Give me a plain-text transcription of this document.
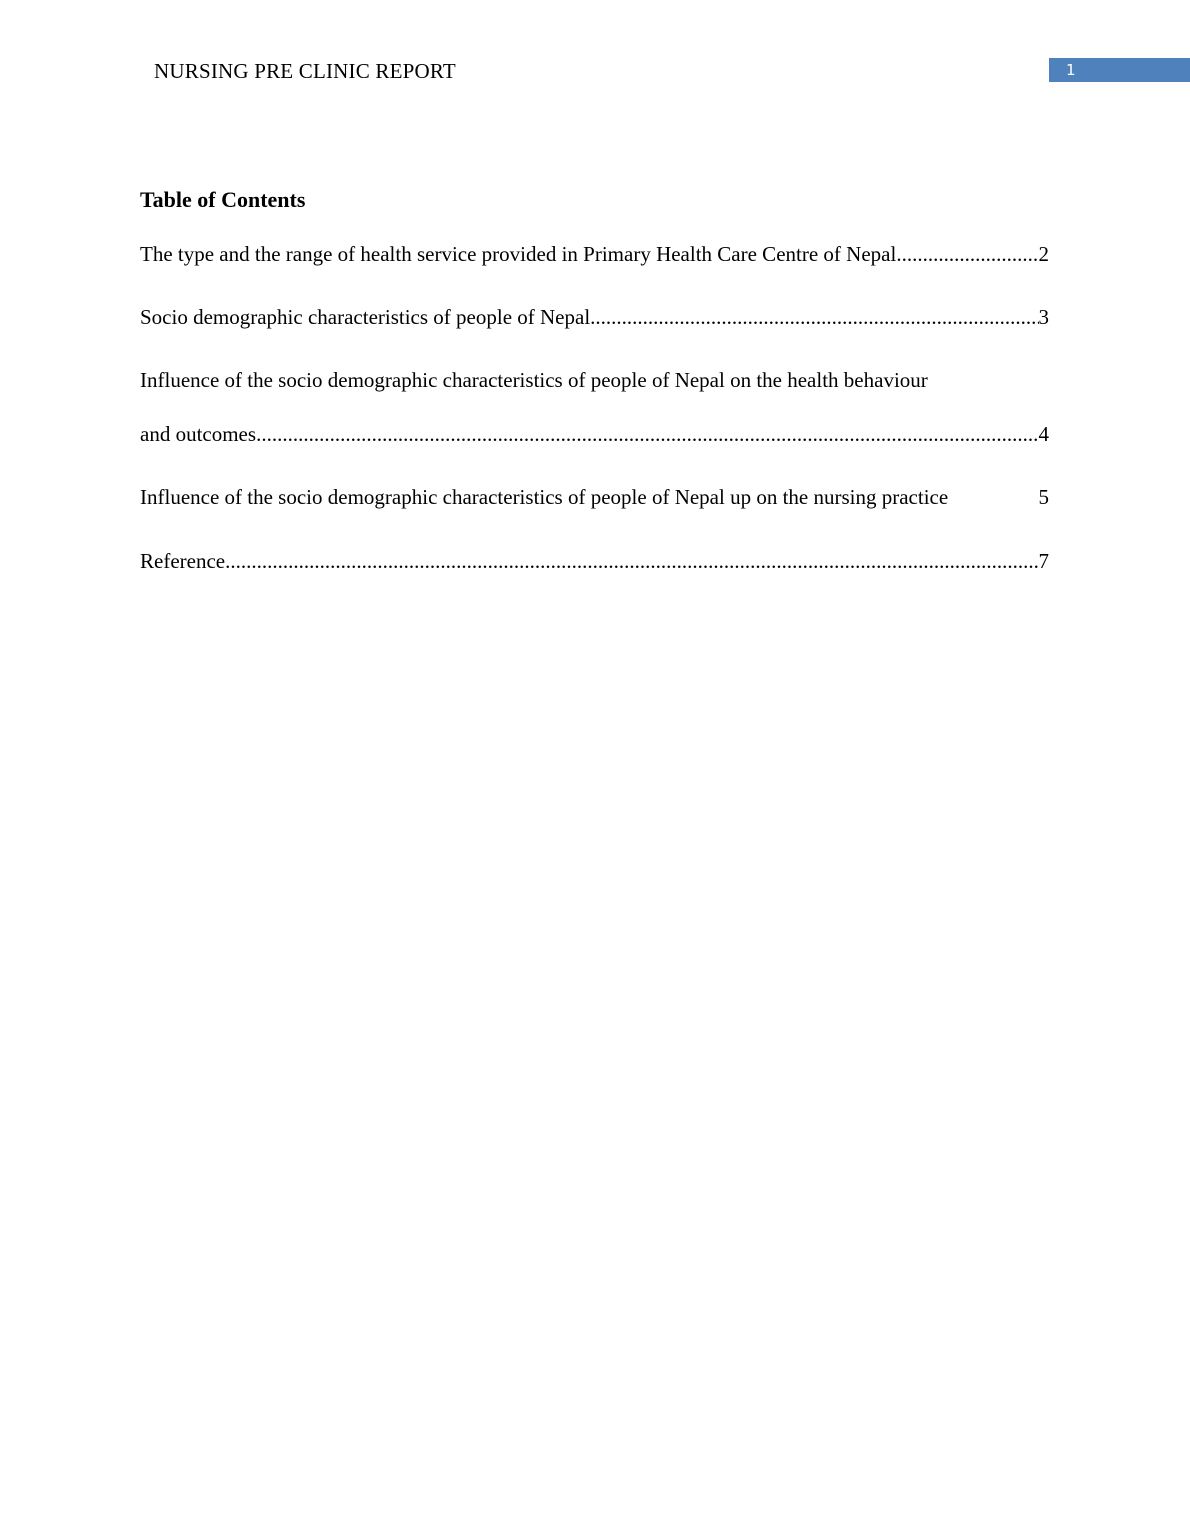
NURSING PRE CLINIC REPORT	1
Table of Contents
The type and the range of health service provided in Primary Health Care Centre of Nepal .....	2
Socio demographic characteristics of people of Nepal .....	3
Influence of the socio demographic characteristics of people of Nepal on the health behaviour
and outcomes .....	4
Influence of the socio demographic characteristics of people of Nepal up on the nursing practice	5
Reference .....	7
